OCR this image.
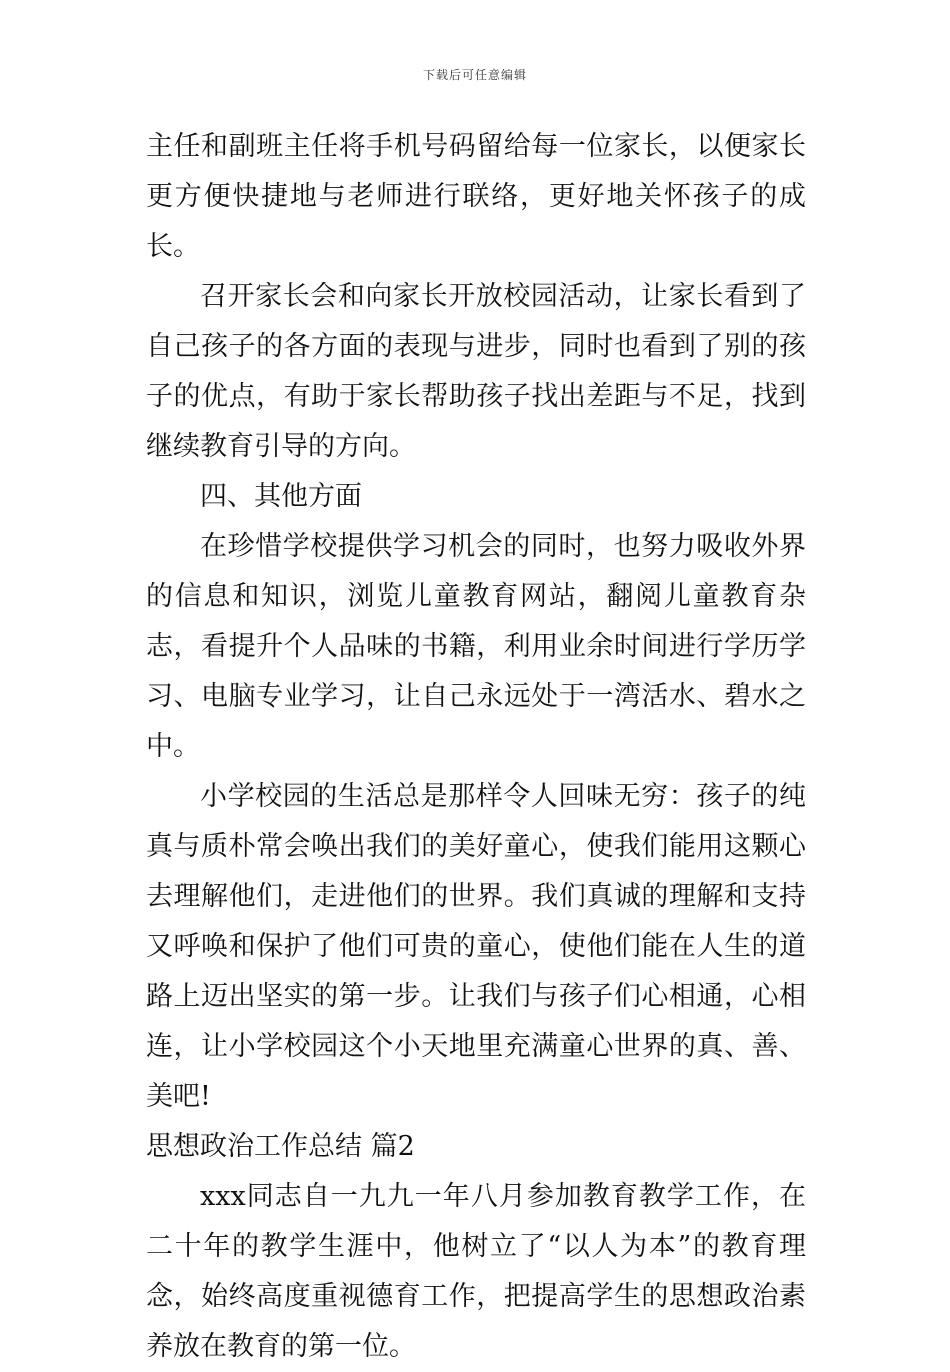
下载后可任意编辑

主任和副班主任将手机号码留给每一位家长，以便家长更方便快捷地与老师进行联络，更好地关怀孩子的成长。

召开家长会和向家长开放校园活动，让家长看到了自己孩子的各方面的表现与进步，同时也看到了别的孩子的优点，有助于家长帮助孩子找出差距与不足，找到继续教育引导的方向。

四、其他方面

在珍惜学校提供学习机会的同时，也努力吸收外界的信息和知识，浏览儿童教育网站，翻阅儿童教育杂志，看提升个人品味的书籍，利用业余时间进行学历学习、电脑专业学习，让自己永远处于一湾活水、碧水之中。

小学校园的生活总是那样令人回味无穷：孩子的纯真与质朴常会唤出我们的美好童心，使我们能用这颗心去理解他们，走进他们的世界。我们真诚的理解和支持又呼唤和保护了他们可贵的童心，使他们能在人生的道路上迈出坚实的第一步。让我们与孩子们心相通，心相连，让小学校园这个小天地里充满童心世界的真、善、美吧!

思想政治工作总结 篇2

xxx同志自一九九一年八月参加教育教学工作，在二十年的教学生涯中，他树立了“以人为本”的教育理念，始终高度重视德育工作，把提高学生的思想政治素养放在教育的第一位。
